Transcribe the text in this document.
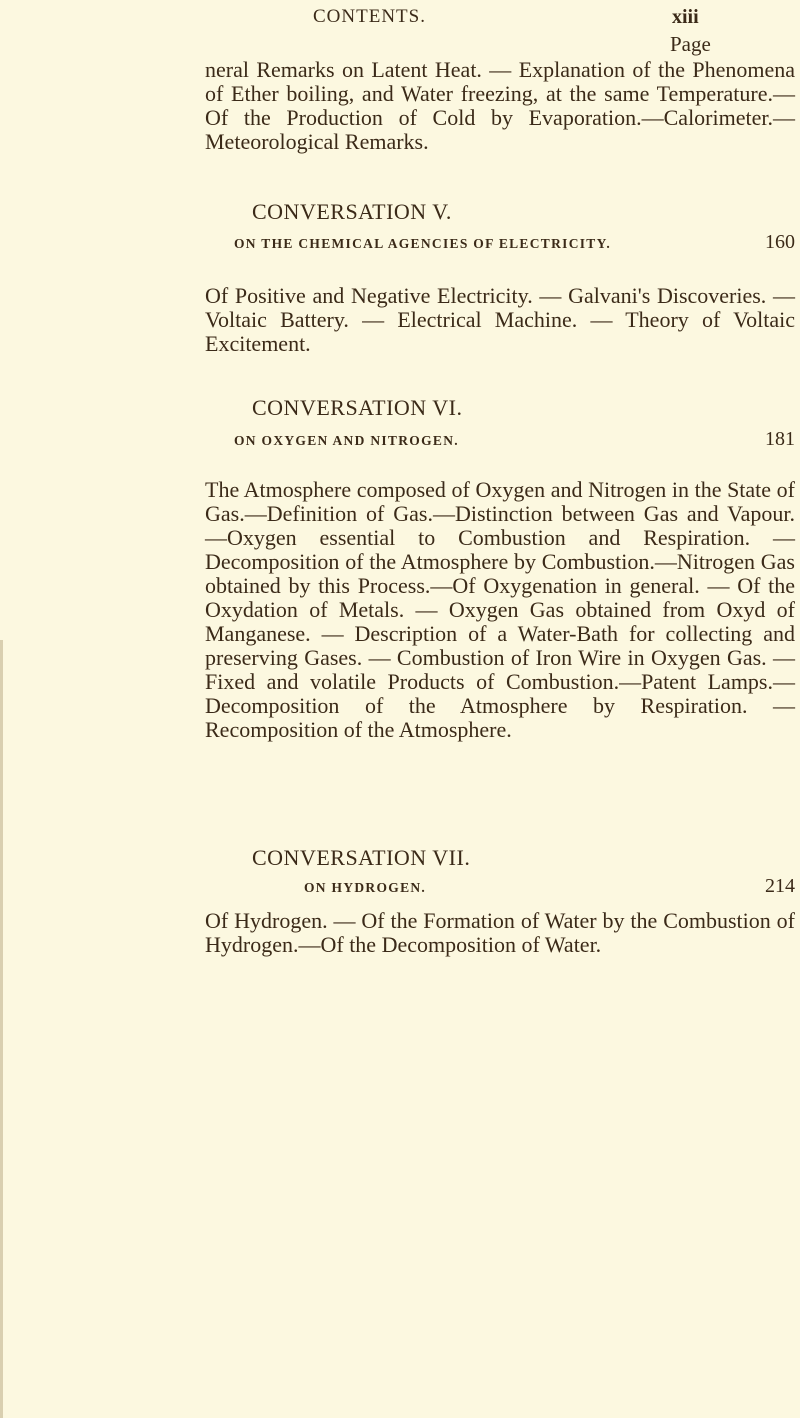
CONTENTS.	xiii
Page

neral Remarks on Latent Heat. — Explanation of the Phenomena of Ether boiling, and Water freezing, at the same Temperature.—Of the Production of Cold by Evaporation.—Calorimeter.—Meteorological Remarks.

CONVERSATION V.
ON THE CHEMICAL AGENCIES OF ELECTRICITY.	160

Of Positive and Negative Electricity. — Galvani's Discoveries. — Voltaic Battery. — Electrical Machine. — Theory of Voltaic Excitement.

CONVERSATION VI.
ON OXYGEN AND NITROGEN.	181

The Atmosphere composed of Oxygen and Nitrogen in the State of Gas.—Definition of Gas.—Distinction between Gas and Vapour.—Oxygen essential to Combustion and Respiration. — Decomposition of the Atmosphere by Combustion.—Nitrogen Gas obtained by this Process.—Of Oxygenation in general. — Of the Oxydation of Metals. — Oxygen Gas obtained from Oxyd of Manganese. — Description of a Water-Bath for collecting and preserving Gases. — Combustion of Iron Wire in Oxygen Gas. — Fixed and volatile Products of Combustion.—Patent Lamps.—Decomposition of the Atmosphere by Respiration. — Recomposition of the Atmosphere.

CONVERSATION VII.
ON HYDROGEN.	214

Of Hydrogen. — Of the Formation of Water by the Combustion of Hydrogen.—Of the Decomposition of Water.
